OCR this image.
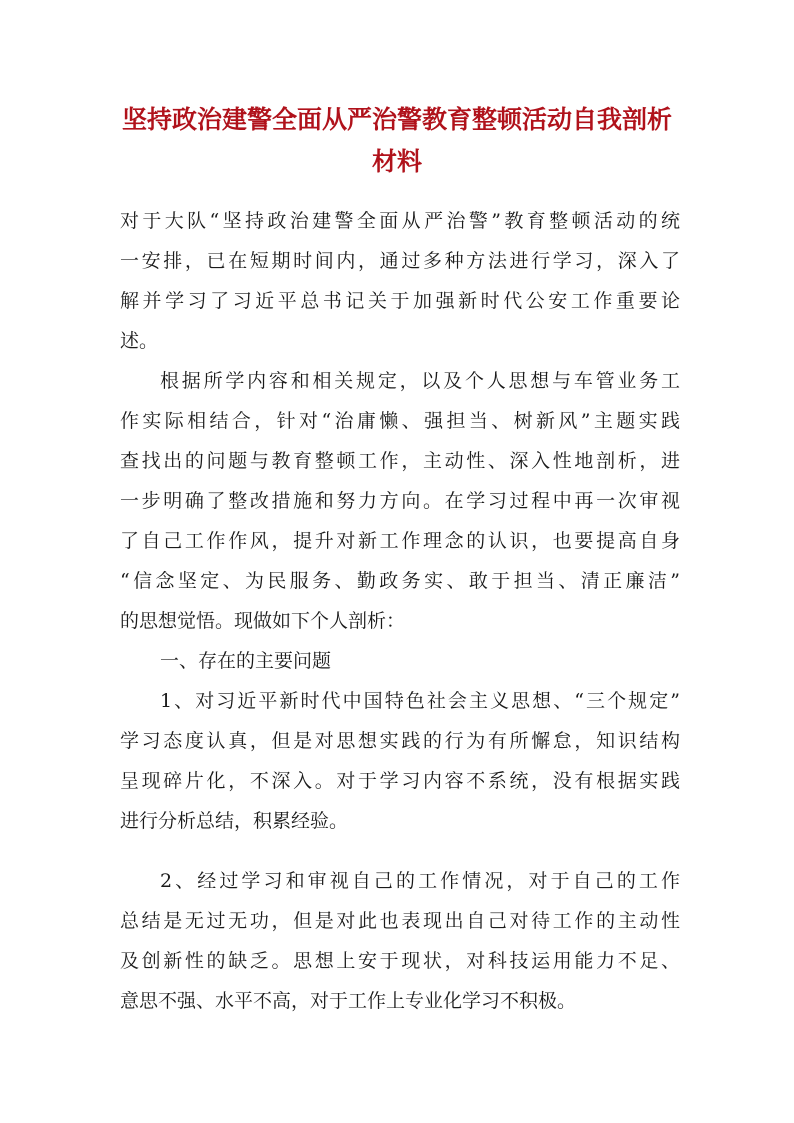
坚持政治建警全面从严治警教育整顿活动自我剖析
材料

对于大队“坚持政治建警全面从严治警”教育整顿活动的统

一安排，已在短期时间内，通过多种方法进行学习，深入了

解并学习了习近平总书记关于加强新时代公安工作重要论

述。

根据所学内容和相关规定，以及个人思想与车管业务工

作实际相结合，针对“治庸懒、强担当、树新风”主题实践

查找出的问题与教育整顿工作，主动性、深入性地剖析，进

一步明确了整改措施和努力方向。在学习过程中再一次审视

了自己工作作风，提升对新工作理念的认识，也要提高自身

“信念坚定、为民服务、勤政务实、敢于担当、清正廉洁”

的思想觉悟。现做如下个人剖析：

一、存在的主要问题

1、对习近平新时代中国特色社会主义思想、“三个规定”

学习态度认真，但是对思想实践的行为有所懈怠，知识结构

呈现碎片化，不深入。对于学习内容不系统，没有根据实践

进行分析总结，积累经验。

2、经过学习和审视自己的工作情况，对于自己的工作

总结是无过无功，但是对此也表现出自己对待工作的主动性

及创新性的缺乏。思想上安于现状，对科技运用能力不足、

意思不强、水平不高，对于工作上专业化学习不积极。
